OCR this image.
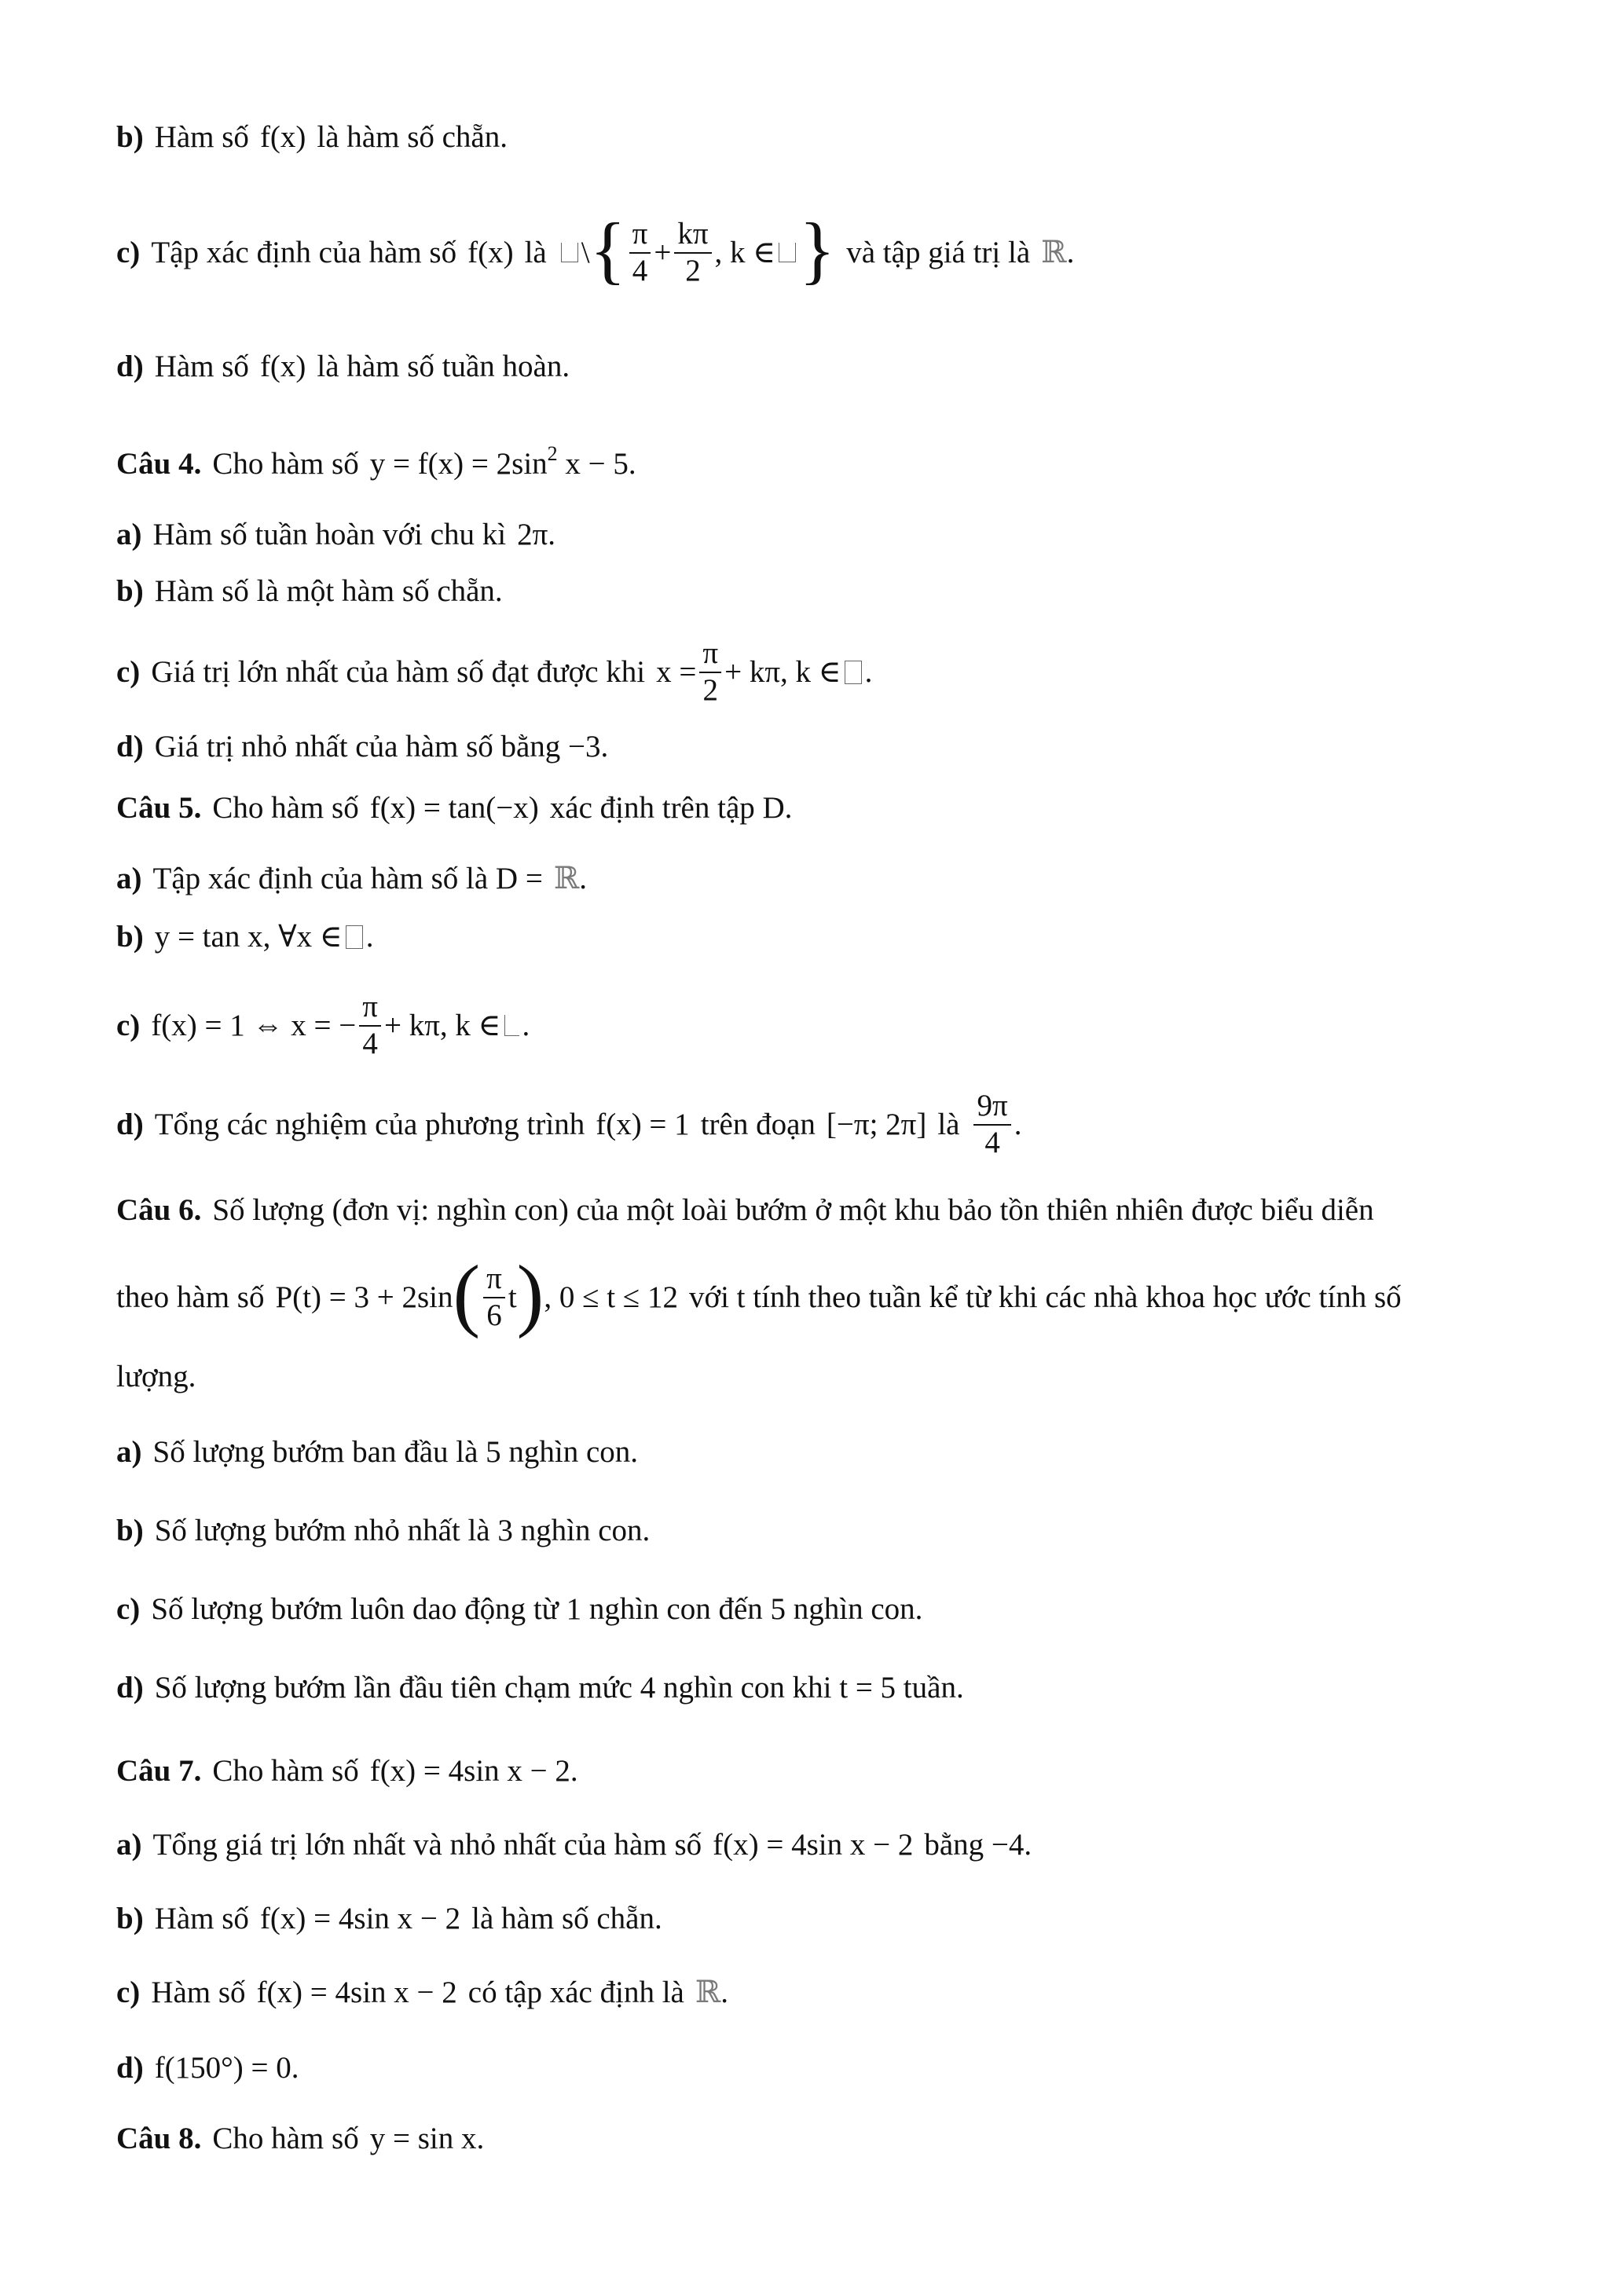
b) Hàm số f(x) là hàm số chẵn.
c) Tập xác định của hàm số f(x) là \ { $\frac{\pi}{4} + \frac{k\pi}{2}$ , k ∈ } và tập giá trị là ℝ .
d) Hàm số f(x) là hàm số tuần hoàn.
Câu 4. Cho hàm số y = f(x) = 2sin 2 x − 5 .
a) Hàm số tuần hoàn với chu kì 2π .
b) Hàm số là một hàm số chẵn.
c) Giá trị lớn nhất của hàm số đạt được khi $x = \frac{\pi}{2} + k\pi$, k ∈ .
d) Giá trị nhỏ nhất của hàm số bằng −3.
Câu 5. Cho hàm số f(x) = tan(−x) xác định trên tập D.
a) Tập xác định của hàm số là D = ℝ .
b) y = tan x, ∀x ∈ .
c) f(x) = 1 ⇔ x = − $\frac{\pi}{4} + k\pi$, k ∈ .
d) Tổng các nghiệm của phương trình f(x) = 1 trên đoạn [−π; 2π] là $\frac{9\pi}{4}$ .
Câu 6. Số lượng (đơn vị: nghìn con) của một loài bướm ở một khu bảo tồn thiên nhiên được biểu diễn
theo hàm số P(t) = 3 + 2sin ( $\frac{\pi}{6}$ t ) , 0 ≤ t ≤ 12 với t tính theo tuần kể từ khi các nhà khoa học ước tính số
lượng.
a) Số lượng bướm ban đầu là 5 nghìn con.
b) Số lượng bướm nhỏ nhất là 3 nghìn con.
c) Số lượng bướm luôn dao động từ 1 nghìn con đến 5 nghìn con.
d) Số lượng bướm lần đầu tiên chạm mức 4 nghìn con khi t = 5 tuần.
Câu 7. Cho hàm số f(x) = 4sin x − 2 .
a) Tổng giá trị lớn nhất và nhỏ nhất của hàm số f(x) = 4sin x − 2 bằng −4.
b) Hàm số f(x) = 4sin x − 2 là hàm số chẵn.
c) Hàm số f(x) = 4sin x − 2 có tập xác định là ℝ .
d) f(150°) = 0 .
Câu 8. Cho hàm số y = sin x .
